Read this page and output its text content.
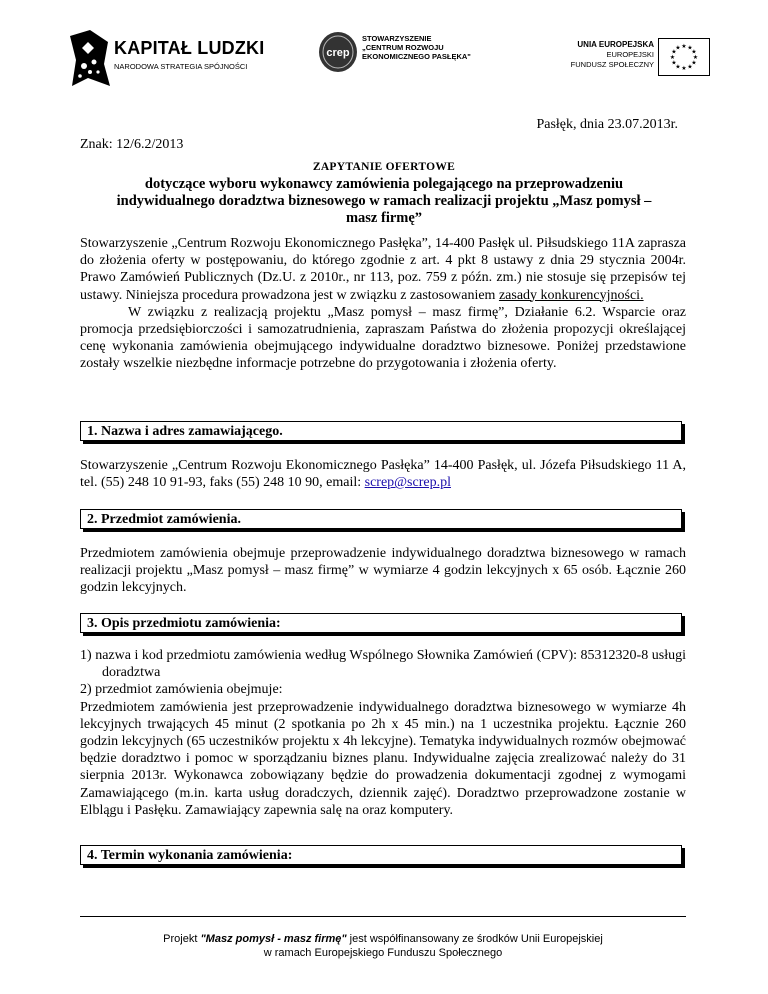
KAPITAŁ LUDZKI
NARODOWA STRATEGIA SPÓJNOŚCI
crep
STOWARZYSZENIE
„CENTRUM ROZWOJU
EKONOMICZNEGO PASŁĘKA"
UNIA EUROPEJSKA
EUROPEJSKI
FUNDUSZ SPOŁECZNY
★ ★
★
★
★
★
★
★
★
★
★
★
Pasłęk, dnia 23.07.2013r.
Znak: 12/6.2/2013
ZAPYTANIE OFERTOWE
dotyczące wyboru wykonawcy zamówienia polegającego na przeprowadzeniu indywidualnego doradztwa biznesowego w ramach realizacji projektu „Masz pomysł – masz firmę”

Stowarzyszenie „Centrum Rozwoju Ekonomicznego Pasłęka”, 14-400 Pasłęk ul. Piłsudskiego 11A zaprasza do złożenia oferty w postępowaniu, do którego zgodnie z art. 4 pkt 8 ustawy z dnia 29 stycznia 2004r. Prawo Zamówień Publicznych (Dz.U. z 2010r., nr 113, poz. 759 z późn. zm.) nie stosuje się przepisów tej ustawy. Niniejsza procedura prowadzona jest w związku z zastosowaniem zasady konkurencyjności.

W związku z realizacją projektu „Masz pomysł – masz firmę”, Działanie 6.2. Wsparcie oraz promocja przedsiębiorczości i samozatrudnienia, zapraszam Państwa do złożenia propozycji określającej cenę wykonania zamówienia obejmującego indywidualne doradztwo biznesowe. Poniżej przedstawione zostały wszelkie niezbędne informacje potrzebne do przygotowania i złożenia oferty.

1. Nazwa i adres zamawiającego.

Stowarzyszenie „Centrum Rozwoju Ekonomicznego Pasłęka” 14-400 Pasłęk, ul. Józefa Piłsudskiego 11 A, tel. (55) 248 10 91-93, faks (55) 248 10 90, email: screp@screp.pl

2. Przedmiot zamówienia.

Przedmiotem zamówienia obejmuje przeprowadzenie indywidualnego doradztwa biznesowego w ramach realizacji projektu „Masz pomysł – masz firmę” w wymiarze 4 godzin lekcyjnych x 65 osób. Łącznie 260 godzin lekcyjnych.

3. Opis przedmiotu zamówienia:

1) nazwa i kod przedmiotu zamówienia według Wspólnego Słownika Zamówień (CPV): 85312320-8 usługi doradztwa

2) przedmiot zamówienia obejmuje:

Przedmiotem zamówienia jest przeprowadzenie indywidualnego doradztwa biznesowego w wymiarze 4h lekcyjnych trwających 45 minut (2 spotkania po 2h x 45 min.) na 1 uczestnika projektu. Łącznie 260 godzin lekcyjnych (65 uczestników projektu x 4h lekcyjne). Tematyka indywidualnych rozmów obejmować będzie doradztwo i pomoc w sporządzaniu biznes planu. Indywidualne zajęcia zrealizować należy do 31 sierpnia 2013r. Wykonawca zobowiązany będzie do prowadzenia dokumentacji zgodnej z wymogami Zamawiającego (m.in. karta usług doradczych, dziennik zajęć). Doradztwo przeprowadzone zostanie w Elblągu i Pasłęku. Zamawiający zapewnia salę na oraz komputery.

4. Termin wykonania zamówienia:
Projekt "Masz pomysł - masz firmę" jest współfinansowany ze środków Unii Europejskiej
w ramach Europejskiego Funduszu Społecznego
